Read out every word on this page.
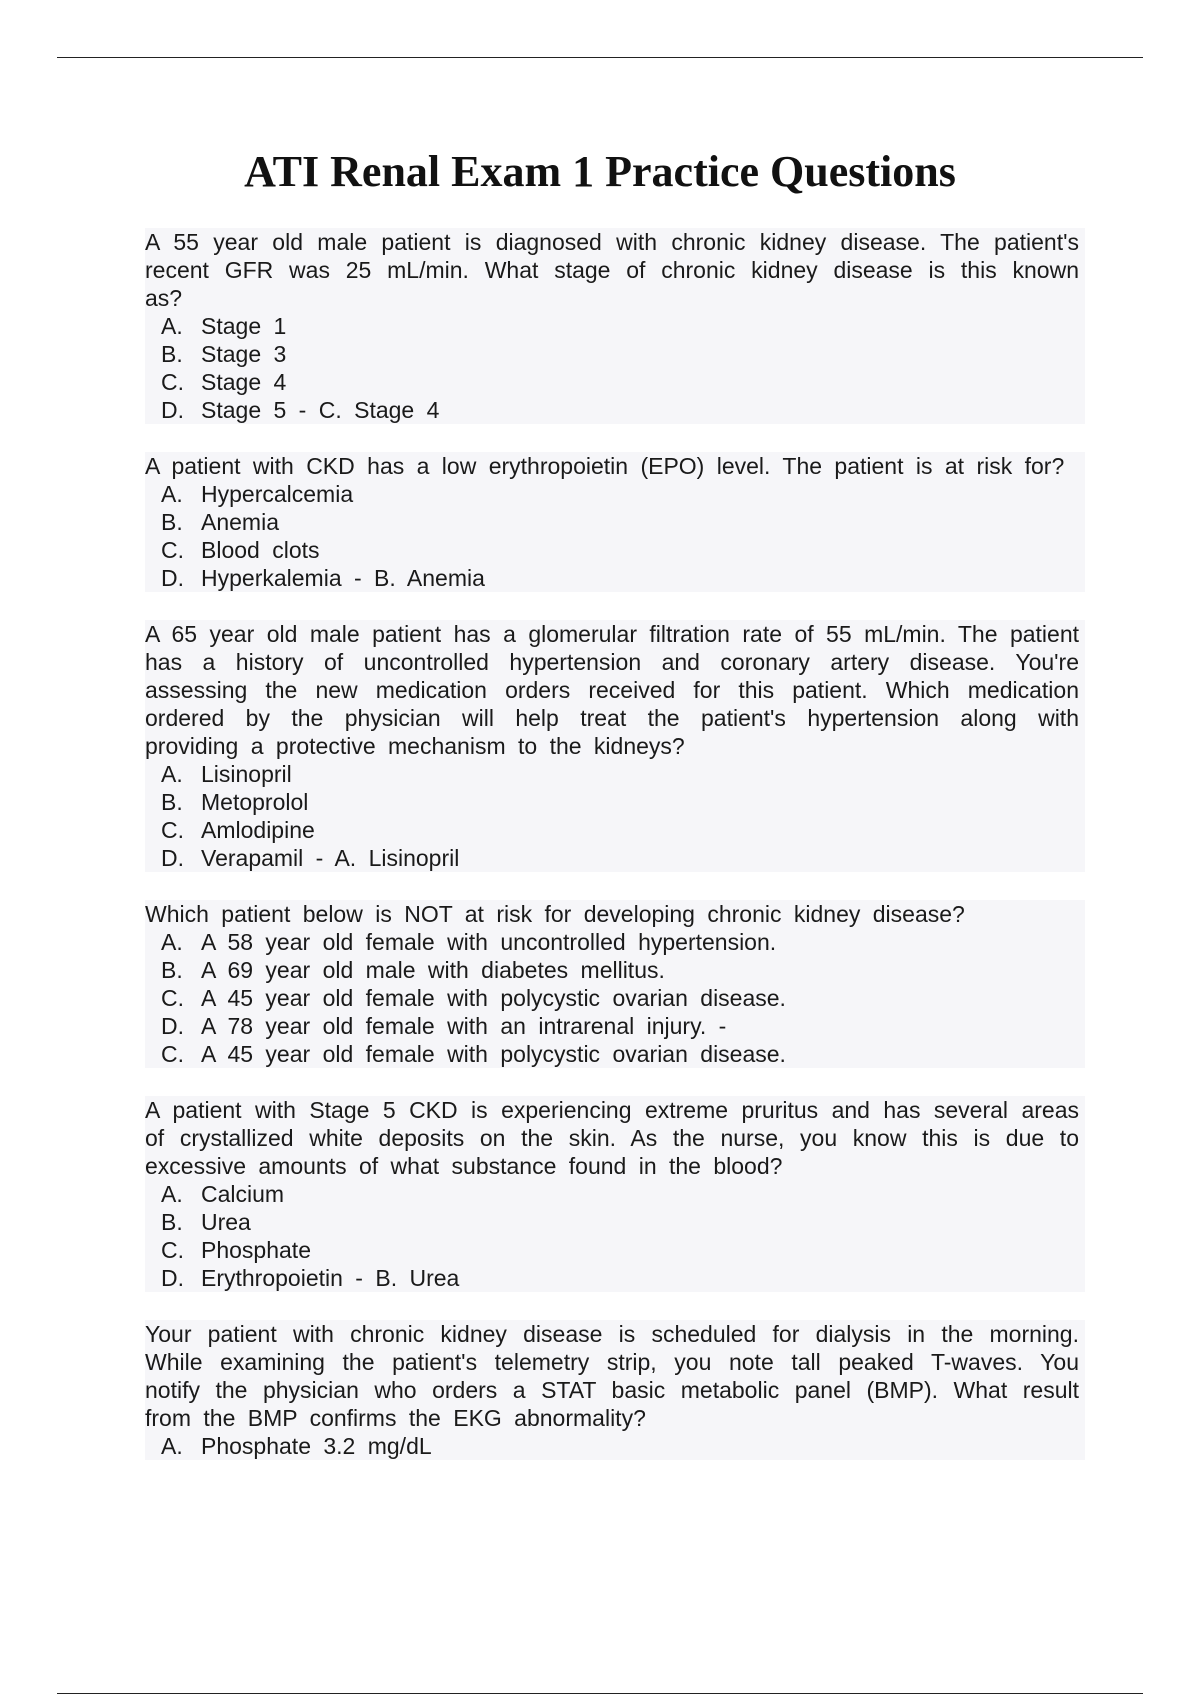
ATI Renal Exam 1 Practice Questions

A 55 year old male patient is diagnosed with chronic kidney disease. The patient's recent GFR was 25 mL/min. What stage of chronic kidney disease is this known as?

A. Stage 1
B. Stage 3
C. Stage 4
D. Stage 5 - C. Stage 4

A patient with CKD has a low erythropoietin (EPO) level. The patient is at risk for?

A. Hypercalcemia
B. Anemia
C. Blood clots
D. Hyperkalemia - B. Anemia

A 65 year old male patient has a glomerular filtration rate of 55 mL/min. The patient has a history of uncontrolled hypertension and coronary artery disease. You're assessing the new medication orders received for this patient. Which medication ordered by the physician will help treat the patient's hypertension along with providing a protective mechanism to the kidneys?

A. Lisinopril
B. Metoprolol
C. Amlodipine
D. Verapamil - A. Lisinopril

Which patient below is NOT at risk for developing chronic kidney disease?

A. A 58 year old female with uncontrolled hypertension.
B. A 69 year old male with diabetes mellitus.
C. A 45 year old female with polycystic ovarian disease.
D. A 78 year old female with an intrarenal injury. -
C. A 45 year old female with polycystic ovarian disease.

A patient with Stage 5 CKD is experiencing extreme pruritus and has several areas of crystallized white deposits on the skin. As the nurse, you know this is due to excessive amounts of what substance found in the blood?

A. Calcium
B. Urea
C. Phosphate
D. Erythropoietin - B. Urea

Your patient with chronic kidney disease is scheduled for dialysis in the morning. While examining the patient's telemetry strip, you note tall peaked T-waves. You notify the physician who orders a STAT basic metabolic panel (BMP). What result from the BMP confirms the EKG abnormality?

A. Phosphate 3.2 mg/dL
